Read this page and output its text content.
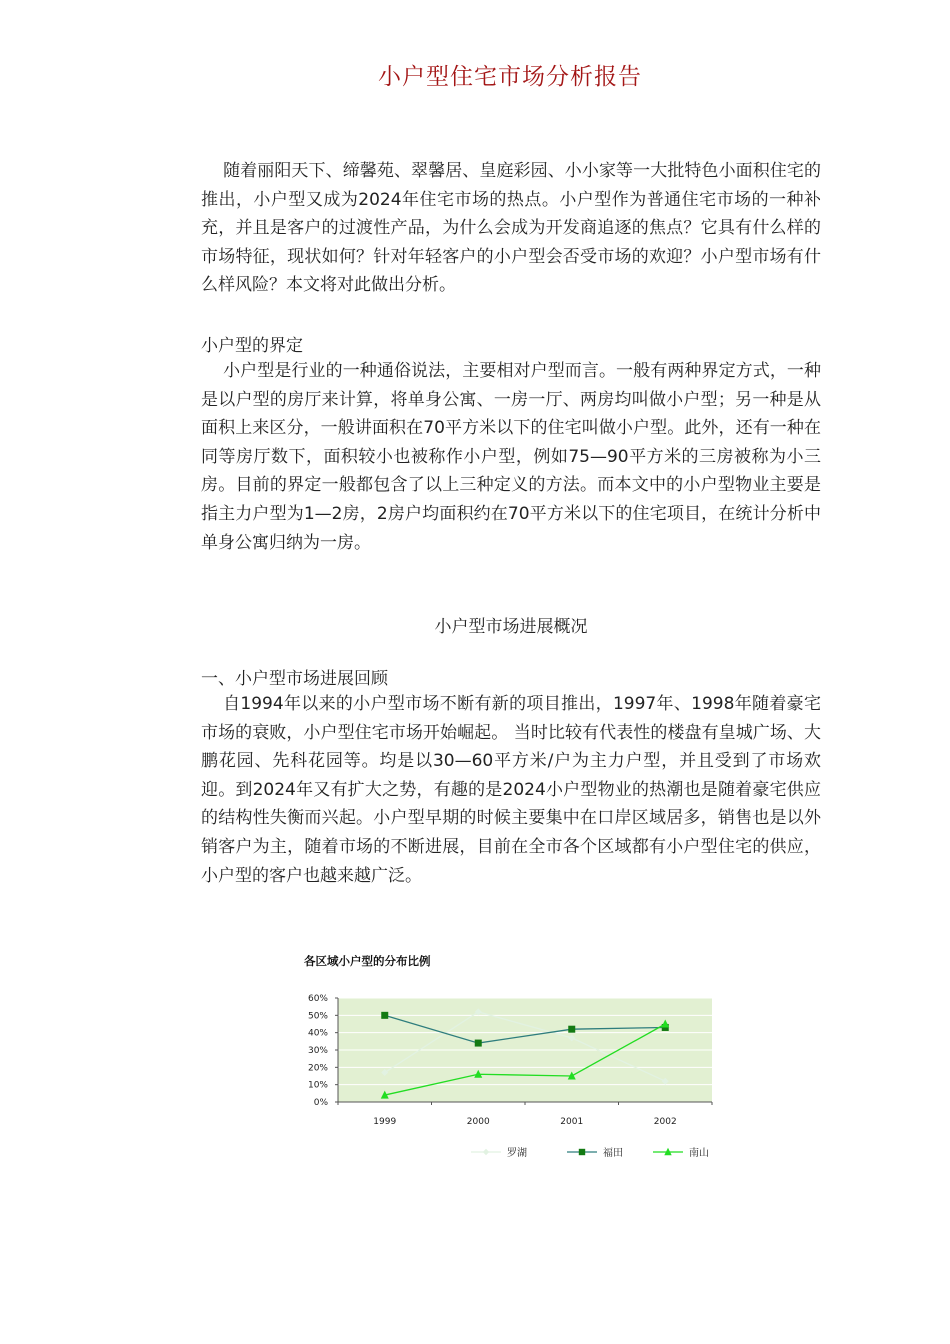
小户型住宅市场分析报告

随着丽阳天下、缔馨苑、翠馨居、皇庭彩园、小小家等一大批特色小面积住宅的推出，小户型又成为2024年住宅市场的热点。小户型作为普通住宅市场的一种补充，并且是客户的过渡性产品，为什么会成为开发商追逐的焦点？它具有什么样的市场特征，现状如何？针对年轻客户的小户型会否受市场的欢迎？小户型市场有什么样风险？本文将对此做出分析。

小户型的界定

小户型是行业的一种通俗说法，主要相对户型而言。一般有两种界定方式，一种是以户型的房厅来计算，将单身公寓、一房一厅、两房均叫做小户型；另一种是从面积上来区分，一般讲面积在70平方米以下的住宅叫做小户型。此外，还有一种在同等房厅数下，面积较小也被称作小户型，例如75—90平方米的三房被称为小三房。目前的界定一般都包含了以上三种定义的方法。而本文中的小户型物业主要是指主力户型为1—2房，2房户均面积约在70平方米以下的住宅项目，在统计分析中单身公寓归纳为一房。

小户型市场进展概况

一、小户型市场进展回顾

自1994年以来的小户型市场不断有新的项目推出，1997年、1998年随着豪宅市场的衰败，小户型住宅市场开始崛起。 当时比较有代表性的楼盘有皇城广场、大鹏花园、先科花园等。均是以30—60平方米/户为主力户型，并且受到了市场欢迎。到2024年又有扩大之势，有趣的是2024小户型物业的热潮也是随着豪宅供应的结构性失衡而兴起。小户型早期的时候主要集中在口岸区域居多，销售也是以外销客户为主，随着市场的不断进展，目前在全市各个区域都有小户型住宅的供应，小户型的客户也越来越广泛。

各区域小户型的分布比例
0%
10%
20%
30%
40%
50%
60%
1999	2000	2001	2002
罗湖	福田	南山
